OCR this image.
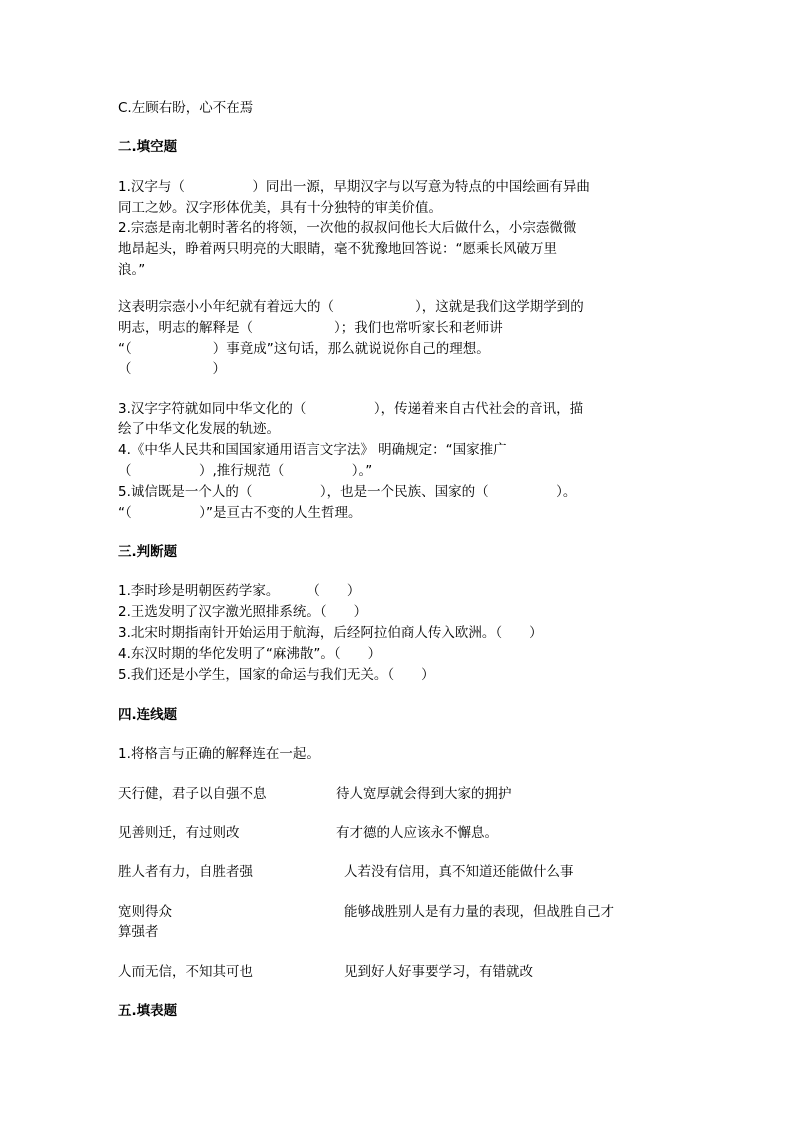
C.左顾右盼，心不在焉
二.填空题
1.汉字与（　　　　　）同出一源，早期汉字与以写意为特点的中国绘画有异曲
同工之妙。汉字形体优美，具有十分独特的审美价值。
2.宗悫是南北朝时著名的将领，一次他的叔叔问他长大后做什么，小宗悫微微
地昂起头，睁着两只明亮的大眼睛，毫不犹豫地回答说：“愿乘长风破万里
浪。”
这表明宗悫小小年纪就有着远大的（　　　　　　），这就是我们这学期学到的
明志，明志的解释是（　　　　　　）；我们也常听家长和老师讲
“（　　　　　　）事竟成”这句话，那么就说说你自己的理想。
（　　　　　　）
3.汉字字符就如同中华文化的（　　　　　），传递着来自古代社会的音讯，描
绘了中华文化发展的轨迹。
4.《中华人民共和国国家通用语言文字法》 明确规定：“国家推广
（　　　　　）,推行规范（　　　　　）。”
5.诚信既是一个人的（　　　　　），也是一个民族、国家的（　　　　　）。
“（　　　　　）”是亘古不变的人生哲理。
三.判断题
1.李时珍是明朝医药学家。　　　（　　）
2.王选发明了汉字激光照排系统。（　　）
3.北宋时期指南针开始运用于航海，后经阿拉伯商人传入欧洲。（　　）
4.东汉时期的华佗发明了“麻沸散”。（　　）
5.我们还是小学生，国家的命运与我们无关。（　　）
四.连线题
1.将格言与正确的解释连在一起。
天行健，君子以自强不息	待人宽厚就会得到大家的拥护
见善则迁，有过则改	有才德的人应该永不懈息。
胜人者有力，自胜者强	人若没有信用，真不知道还能做什么事
宽则得众	能够战胜别人是有力量的表现，但战胜自己才
算强者
人而无信，不知其可也	见到好人好事要学习，有错就改
五.填表题
